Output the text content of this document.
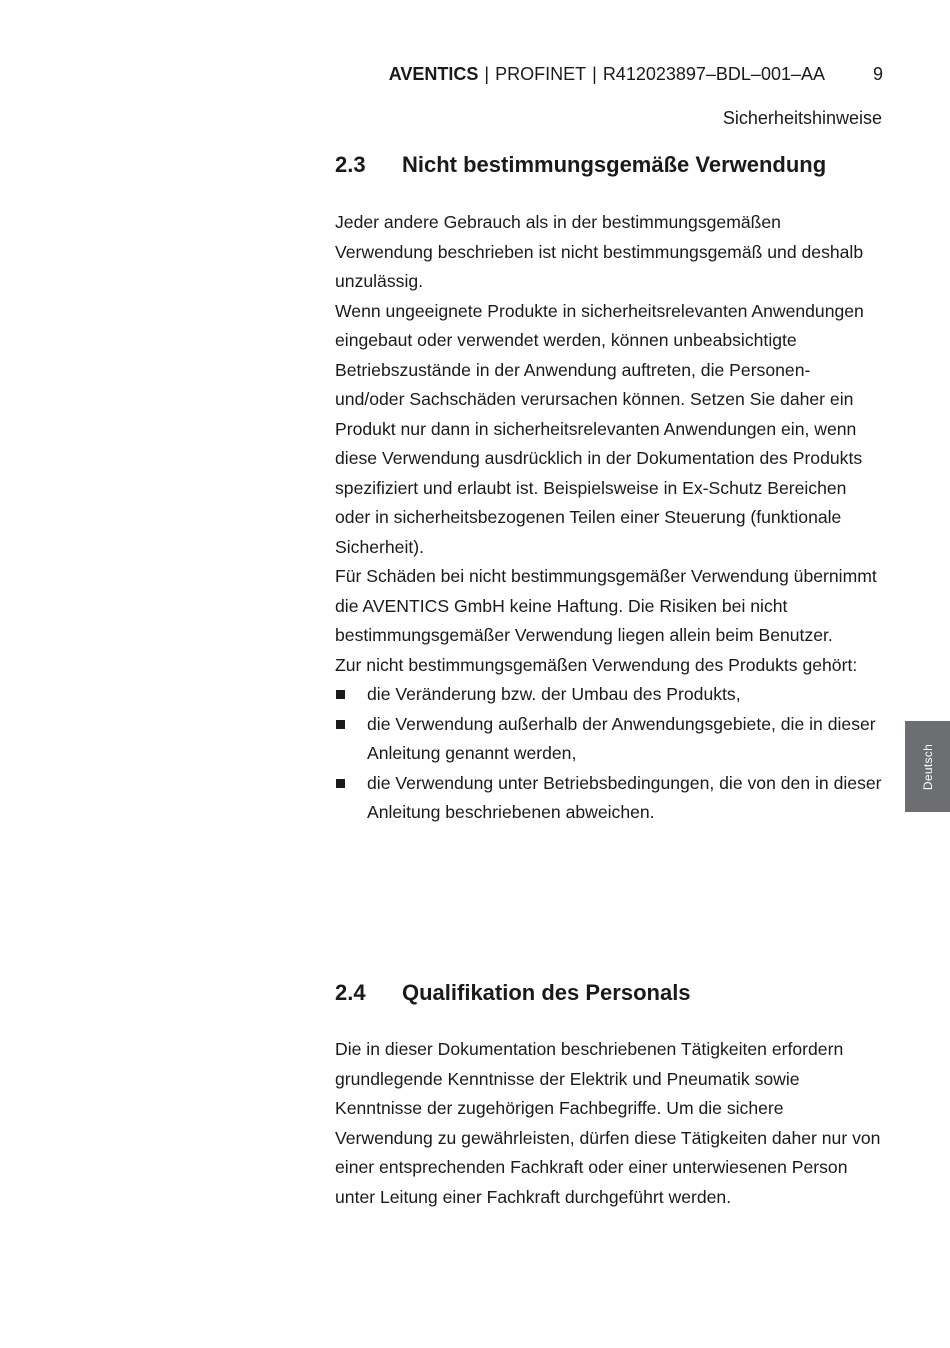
AVENTICS | PROFINET | R412023897–BDL–001–AA	9
Sicherheitshinweise
2.3	Nicht bestimmungsgemäße Verwendung

Jeder andere Gebrauch als in der bestimmungsgemäßen Verwendung beschrieben ist nicht bestimmungsgemäß und deshalb unzulässig.

Wenn ungeeignete Produkte in sicherheitsrelevanten Anwendungen eingebaut oder verwendet werden, können unbeabsichtigte Betriebszustände in der Anwendung auftreten, die Personen- und/oder Sachschäden verursachen können. Setzen Sie daher ein Produkt nur dann in sicherheitsrelevanten Anwendungen ein, wenn diese Verwendung ausdrücklich in der Dokumentation des Produkts spezifiziert und erlaubt ist. Beispielsweise in Ex-Schutz Bereichen oder in sicherheitsbezogenen Teilen einer Steuerung (funktionale Sicherheit).

Für Schäden bei nicht bestimmungsgemäßer Verwendung übernimmt die AVENTICS GmbH keine Haftung. Die Risiken bei nicht bestimmungsgemäßer Verwendung liegen allein beim Benutzer.

Zur nicht bestimmungsgemäßen Verwendung des Produkts gehört:

die Veränderung bzw. der Umbau des Produkts,
die Verwendung außerhalb der Anwendungsgebiete, die in dieser Anleitung genannt werden,
die Verwendung unter Betriebsbedingungen, die von den in dieser Anleitung beschriebenen abweichen.
2.4	Qualifikation des Personals

Die in dieser Dokumentation beschriebenen Tätigkeiten erfordern grundlegende Kenntnisse der Elektrik und Pneumatik sowie Kenntnisse der zugehörigen Fachbegriffe. Um die sichere Verwendung zu gewährleisten, dürfen diese Tätigkeiten daher nur von einer entsprechenden Fachkraft oder einer unterwiesenen Person unter Leitung einer Fachkraft durchgeführt werden.

Deutsch
